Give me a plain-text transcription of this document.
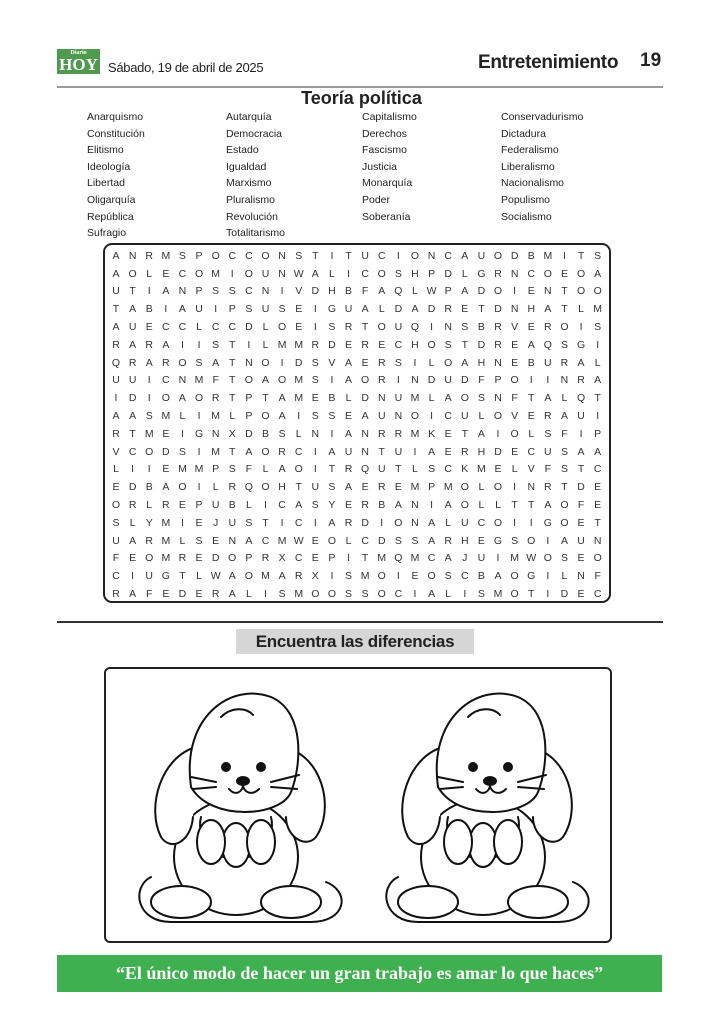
Diario
HOY Sábado, 19 de abril de 2025	Entretenimiento 19
Teoría política
Anarquismo
Constitución
Elitismo
Ideología
Libertad
Oligarquía
República
Sufragio
Autarquía
Democracia
Estado
Igualdad
Marxismo
Pluralismo
Revolución
Totalitarismo
Capitalismo
Derechos
Fascismo
Justicia
Monarquía
Poder
Soberanía
Conservadurismo
Dictadura
Federalismo
Liberalismo
Nacionalismo
Populismo
Socialismo
A N R M S P O C C O N S T	I	T U C	I	O N C A U O D B M	I	T S
A O L E C O M	I	O U N W A L	I	C O S H P D L G R N C O E O A
U T	I	A N P S S C N	I	V D H B F A Q L W P A D O	I	E N T O O
T A B	I	A U	I	P S U S E	I	G U A L D A D R E T D N H A T L M
A U E C C L C C D L O E	I	S R T O U Q	I	N S B R V E R O	I	S
R A R A	I	I	S T	I	L M M R D E R E C H O S T D R E A Q S G	I
Q R A R O S A T N O	I	D S V A E R S	I	L O A H N E B U R A L
U U	I	C N M F T O A O M S	I	A O R	I	N D U D F P O	I	I	N R A
I	D	I	O A O R T P T A M E B L D N U M L A O S N F T A L Q T
A A S M L	I	M L P O A	I	S S E A U N O	I	C U L O V E R A U	I
R T M E	I	G N X D B S L N	I	A N R R M K E T A	I	O L S F	I	P
V C O D S	I	M T A O R C	I	A U N T U	I	A E R H D E C U S A A
L	I	I	E M M P S F L A O	I	T R Q U T L S C K M E L V F S T C
E D B A O	I	L R Q O H T U S A E R E M P M O L O	I	N R T D E
O R L R E P U B L	I	C A S Y E R B A N	I	A O L L T T A O F E
S L Y M	I	E J U S T	I	C	I	A R D	I	O N A L U C O	I	I	G O E T
U A R M L S E N A C M W E O L C D S S A R H E G S O	I	A U N
F E O M R E D O P R X C E P	I	T M Q M C A J U	I	M W O S E O
C	I	U G T L W A O M A R X	I	S M O	I	E O S C B A O G	I	L N F
R A F E D E R A L	I	S M O O S S O C	I	A L	I	S M O T	I	D E C
Encuentra las diferencias
“El único modo de hacer un gran trabajo es amar lo que haces”
